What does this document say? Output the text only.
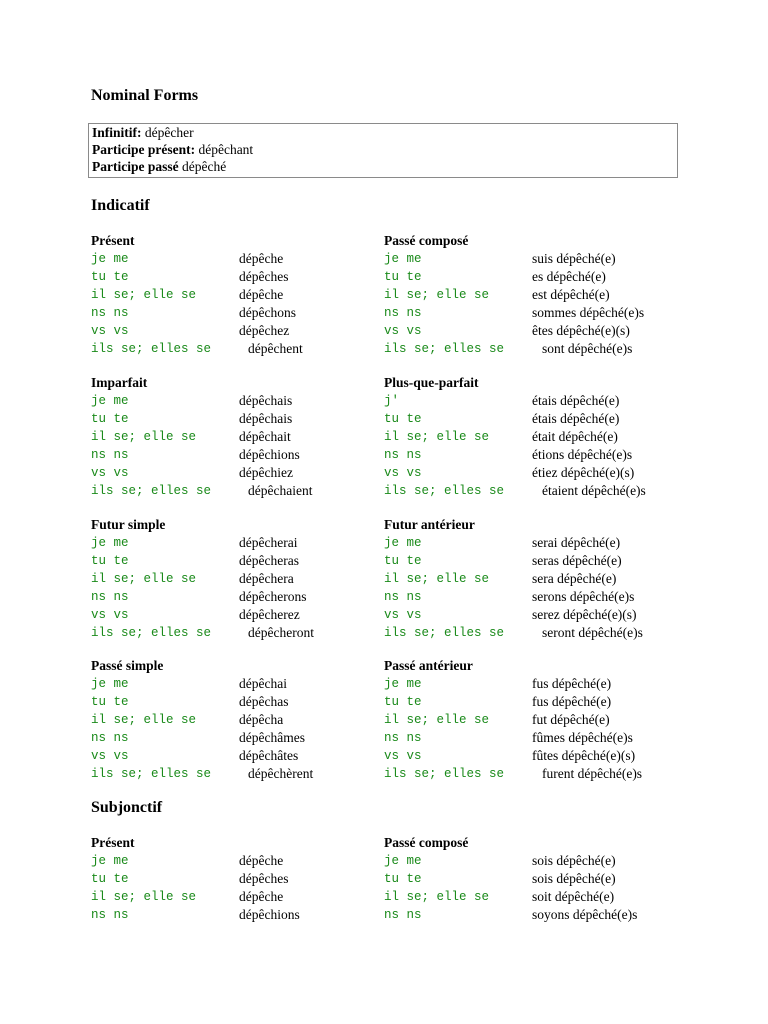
Nominal Forms
Infinitif: dépêcher
Participe présent: dépêchant
Participe passé dépêché
Indicatif
Présent
je me	dépêche
tu te	dépêches
il se; elle se	dépêche
ns ns	dépêchons
vs vs	dépêchez
ils se; elles se	dépêchent
Passé composé
je me	suis dépêché(e)
tu te	es dépêché(e)
il se; elle se	est dépêché(e)
ns ns	sommes dépêché(e)s
vs vs	êtes dépêché(e)(s)
ils se; elles se	sont dépêché(e)s
Imparfait
je me	dépêchais
tu te	dépêchais
il se; elle se	dépêchait
ns ns	dépêchions
vs vs	dépêchiez
ils se; elles se	dépêchaient
Plus-que-parfait
j'	étais dépêché(e)
tu te	étais dépêché(e)
il se; elle se	était dépêché(e)
ns ns	étions dépêché(e)s
vs vs	étiez dépêché(e)(s)
ils se; elles se	étaient dépêché(e)s
Futur simple
je me	dépêcherai
tu te	dépêcheras
il se; elle se	dépêchera
ns ns	dépêcherons
vs vs	dépêcherez
ils se; elles se	dépêcheront
Futur antérieur
je me	serai dépêché(e)
tu te	seras dépêché(e)
il se; elle se	sera dépêché(e)
ns ns	serons dépêché(e)s
vs vs	serez dépêché(e)(s)
ils se; elles se	seront dépêché(e)s
Passé simple
je me	dépêchai
tu te	dépêchas
il se; elle se	dépêcha
ns ns	dépêchâmes
vs vs	dépêchâtes
ils se; elles se	dépêchèrent
Passé antérieur
je me	fus dépêché(e)
tu te	fus dépêché(e)
il se; elle se	fut dépêché(e)
ns ns	fûmes dépêché(e)s
vs vs	fûtes dépêché(e)(s)
ils se; elles se	furent dépêché(e)s
Présent
je me	dépêche
tu te	dépêches
il se; elle se	dépêche
ns ns	dépêchions
Passé composé
je me	sois dépêché(e)
tu te	sois dépêché(e)
il se; elle se	soit dépêché(e)
ns ns	soyons dépêché(e)s
Subjonctif
